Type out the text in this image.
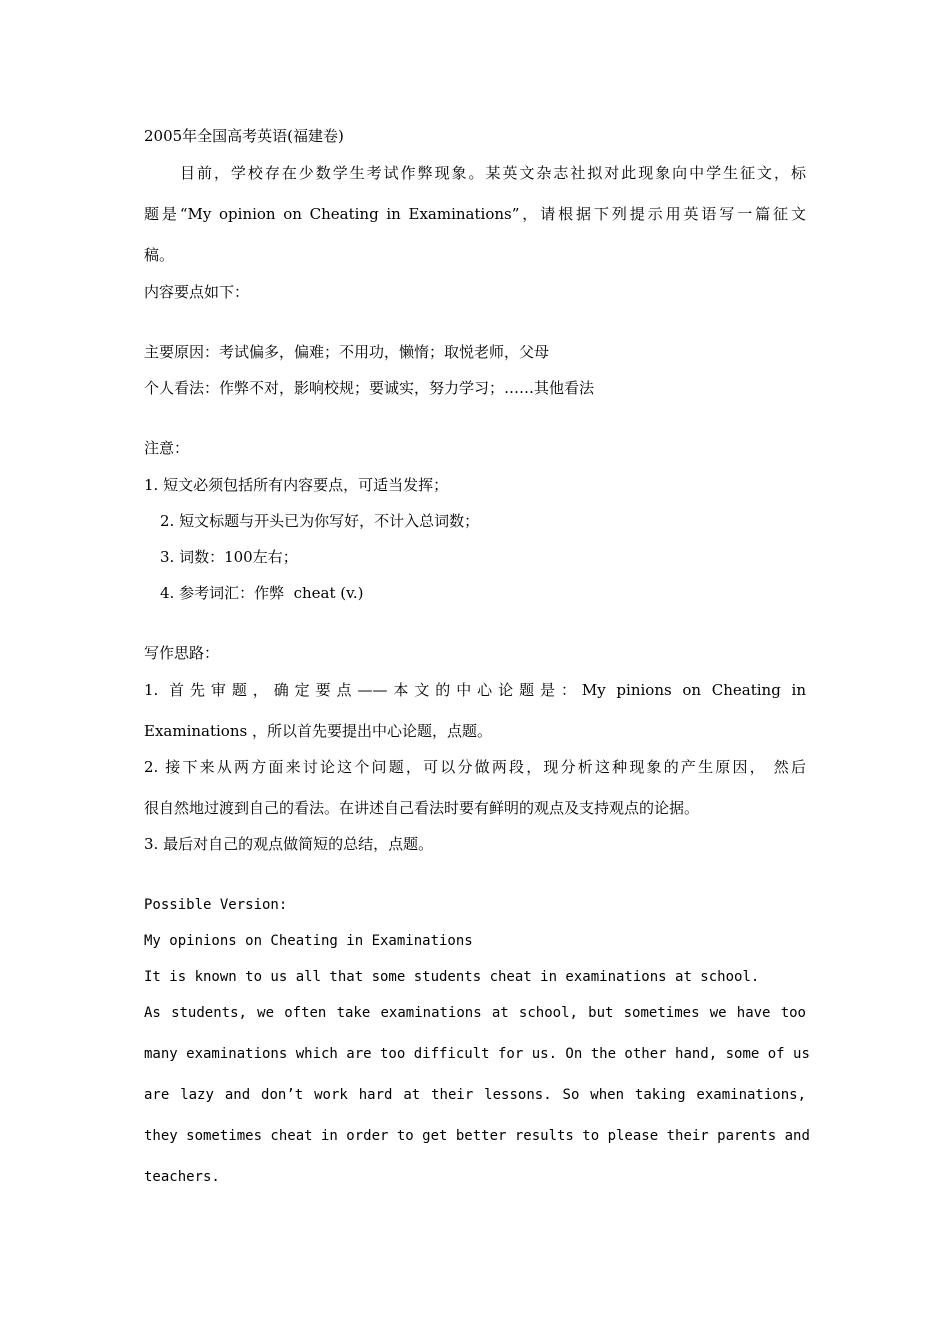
2005年全国高考英语(福建卷)
目前，学校存在少数学生考试作弊现象。某英文杂志社拟对此现象向中学生征文，标
题是“My opinion on Cheating in Examinations”，请根据下列提示用英语写一篇征文
稿。
内容要点如下：
主要原因：考试偏多，偏难；不用功，懒惰；取悦老师，父母
个人看法：作弊不对，影响校规；要诚实，努力学习；……其他看法
注意：
1. 短文必须包括所有内容要点，可适当发挥；
2. 短文标题与开头已为你写好，不计入总词数；
3. 词数：100左右；
4. 参考词汇：作弊  cheat (v.)
写作思路：
1. 首先审题，确定要点——本文的中心论题是：My pinions on Cheating in
Examinations ，所以首先要提出中心论题，点题。
2. 接下来从两方面来讨论这个问题，可以分做两段，现分析这种现象的产生原因， 然后
很自然地过渡到自己的看法。在讲述自己看法时要有鲜明的观点及支持观点的论据。
3. 最后对自己的观点做简短的总结，点题。
Possible Version:
My opinions on Cheating in Examinations
It is known to us all that some students cheat in examinations at school.
As students, we often take examinations at school, but sometimes we have too
many examinations which are too difficult for us. On the other hand, some of us
are lazy and don’t work hard at their lessons. So when taking examinations,
they sometimes cheat in order to get better results to please their parents and
teachers.
